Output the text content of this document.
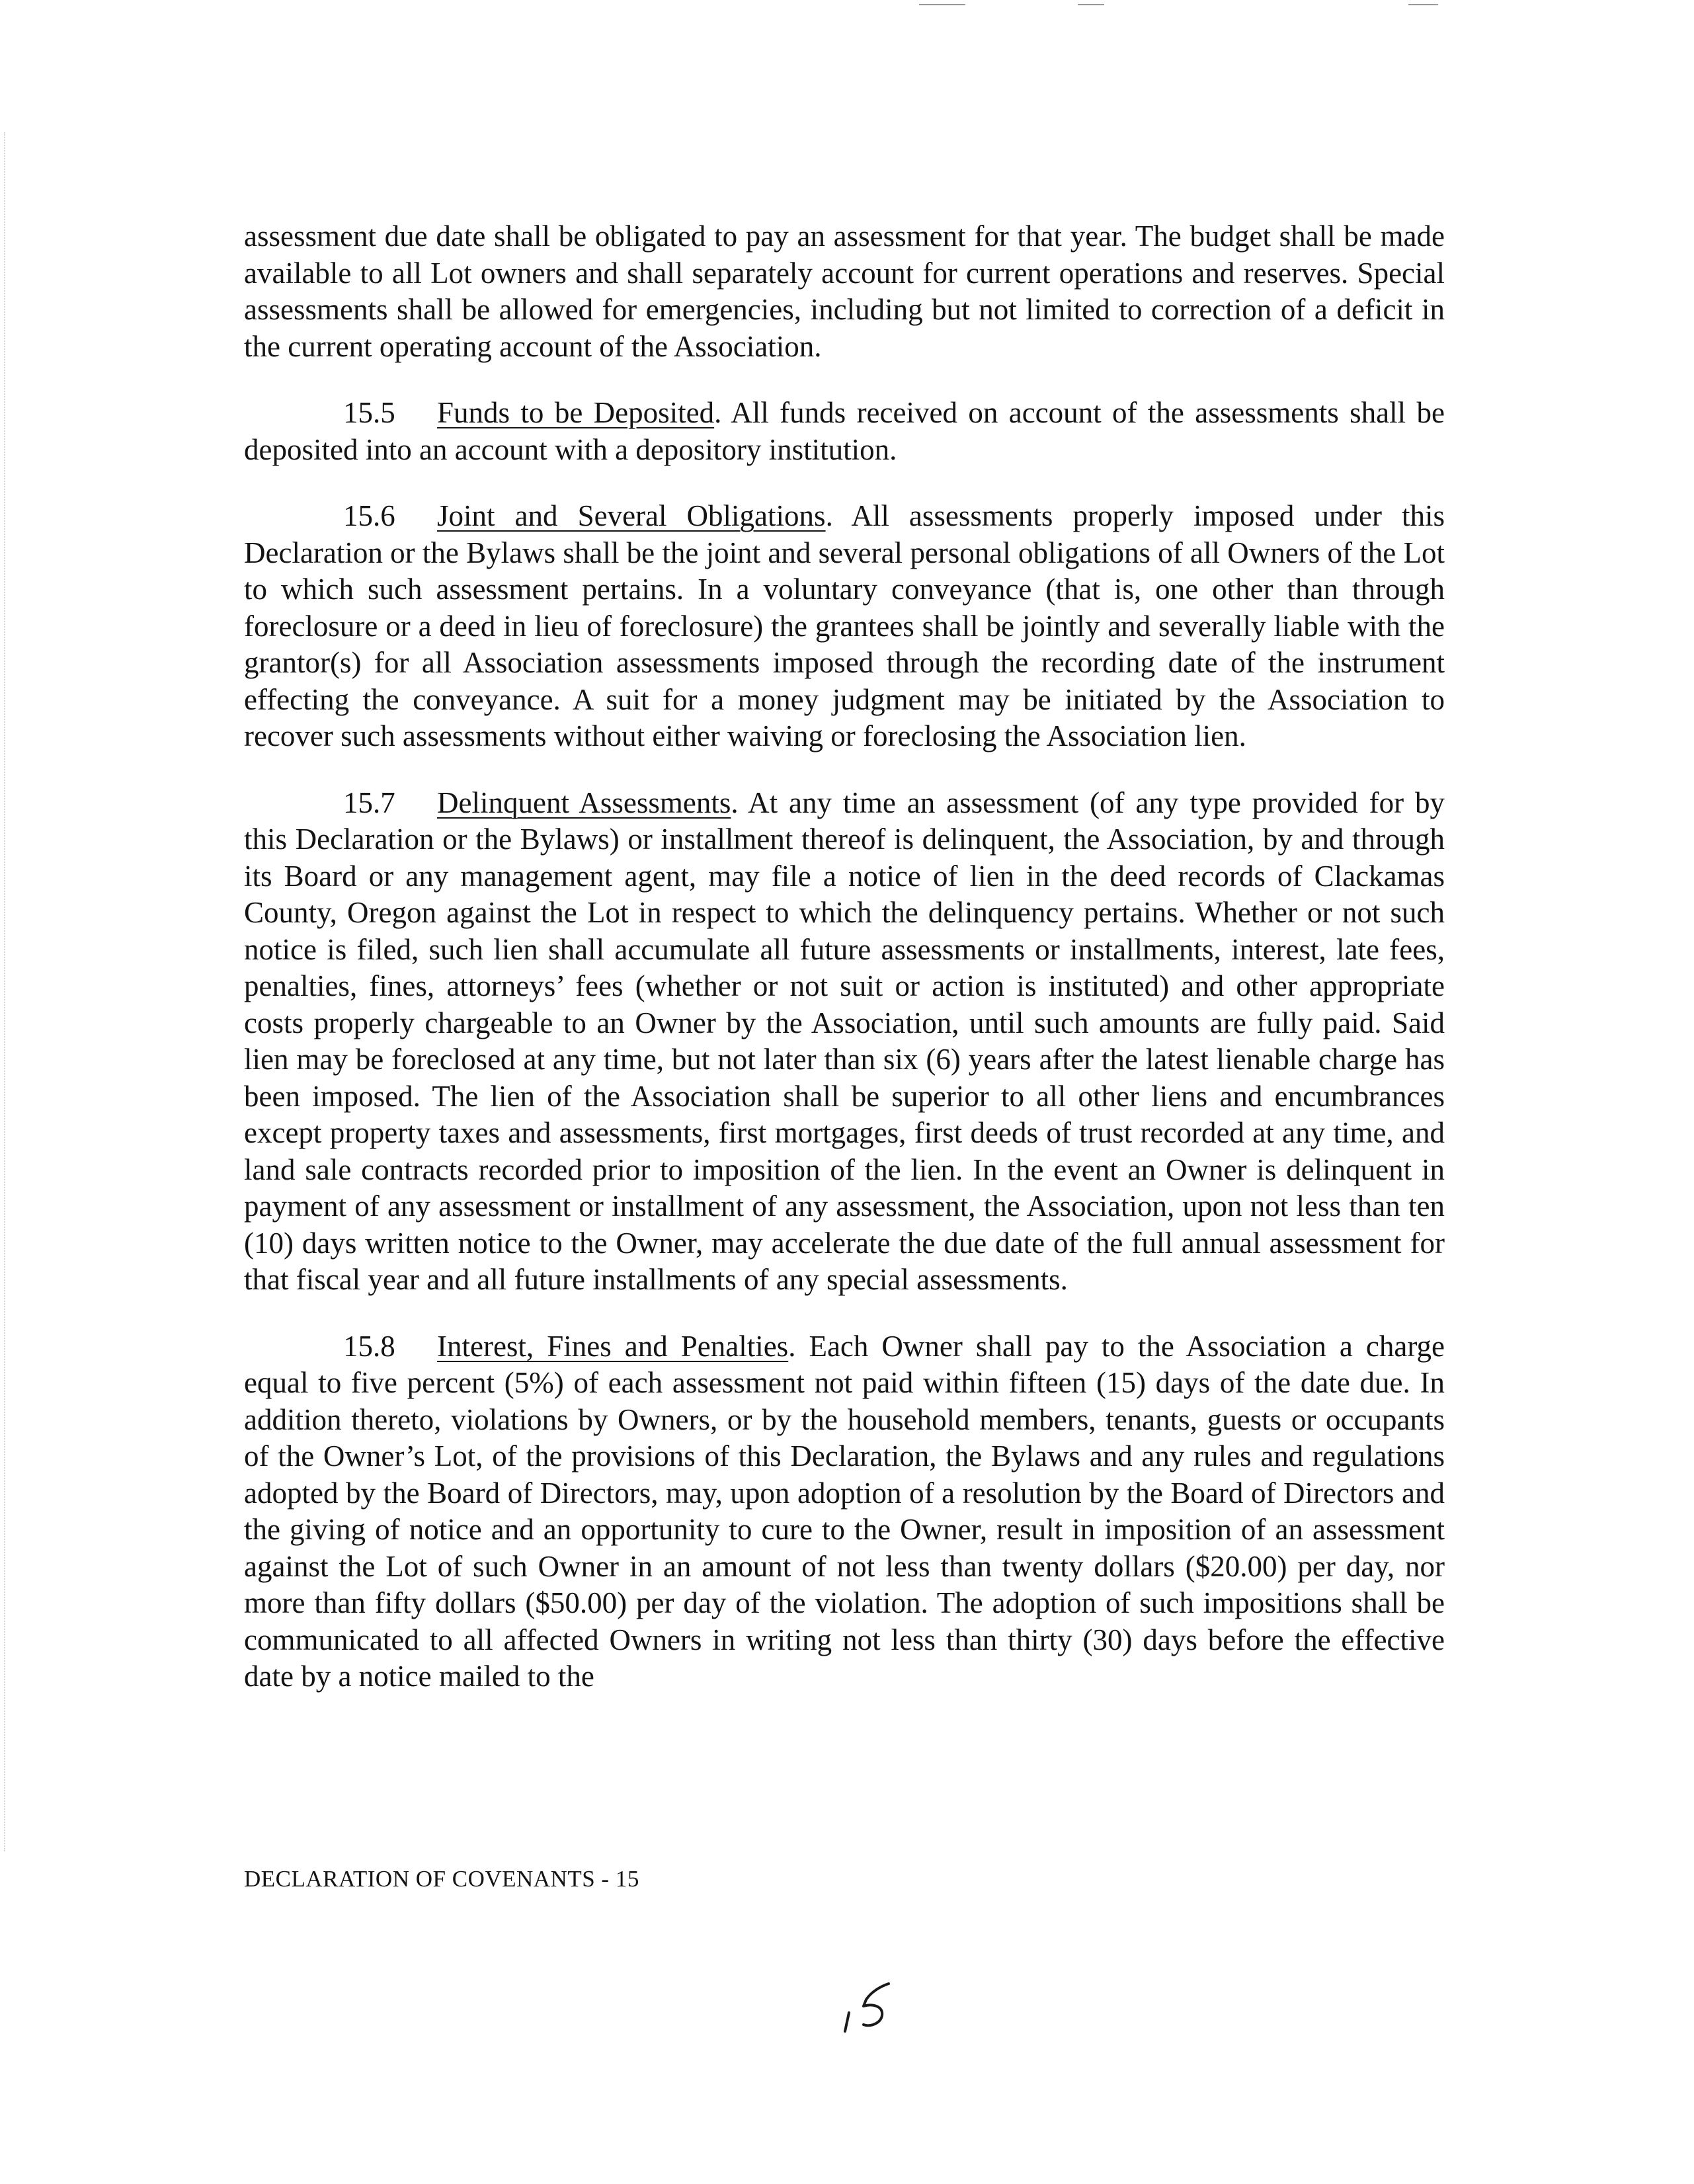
assessment due date shall be obligated to pay an assessment for that year. The budget shall be made available to all Lot owners and shall separately account for current operations and reserves. Special assessments shall be allowed for emergencies, including but not limited to correction of a deficit in the current operating account of the Association.

15.5 Funds to be Deposited. All funds received on account of the assessments shall be deposited into an account with a depository institution.

15.6 Joint and Several Obligations. All assessments properly imposed under this Declaration or the Bylaws shall be the joint and several personal obligations of all Owners of the Lot to which such assessment pertains. In a voluntary conveyance (that is, one other than through foreclosure or a deed in lieu of foreclosure) the grantees shall be jointly and severally liable with the grantor(s) for all Association assessments imposed through the recording date of the instrument effecting the conveyance. A suit for a money judgment may be initiated by the Association to recover such assessments without either waiving or foreclosing the Association lien.

15.7 Delinquent Assessments. At any time an assessment (of any type provided for by this Declaration or the Bylaws) or installment thereof is delinquent, the Association, by and through its Board or any management agent, may file a notice of lien in the deed records of Clackamas County, Oregon against the Lot in respect to which the delinquency pertains. Whether or not such notice is filed, such lien shall accumulate all future assessments or installments, interest, late fees, penalties, fines, attorneys’ fees (whether or not suit or action is instituted) and other appropriate costs properly chargeable to an Owner by the Association, until such amounts are fully paid. Said lien may be foreclosed at any time, but not later than six (6) years after the latest lienable charge has been imposed. The lien of the Association shall be superior to all other liens and encumbrances except property taxes and assessments, first mortgages, first deeds of trust recorded at any time, and land sale contracts recorded prior to imposition of the lien. In the event an Owner is delinquent in payment of any assessment or installment of any assessment, the Association, upon not less than ten (10) days written notice to the Owner, may accelerate the due date of the full annual assessment for that fiscal year and all future installments of any special assessments.

15.8 Interest, Fines and Penalties. Each Owner shall pay to the Association a charge equal to five percent (5%) of each assessment not paid within fifteen (15) days of the date due. In addition thereto, violations by Owners, or by the household members, tenants, guests or occupants of the Owner’s Lot, of the provisions of this Declaration, the Bylaws and any rules and regulations adopted by the Board of Directors, may, upon adoption of a resolution by the Board of Directors and the giving of notice and an opportunity to cure to the Owner, result in imposition of an assessment against the Lot of such Owner in an amount of not less than twenty dollars ($20.00) per day, nor more than fifty dollars ($50.00) per day of the violation. The adoption of such impositions shall be communicated to all affected Owners in writing not less than thirty (30) days before the effective date by a notice mailed to the

DECLARATION OF COVENANTS - 15
